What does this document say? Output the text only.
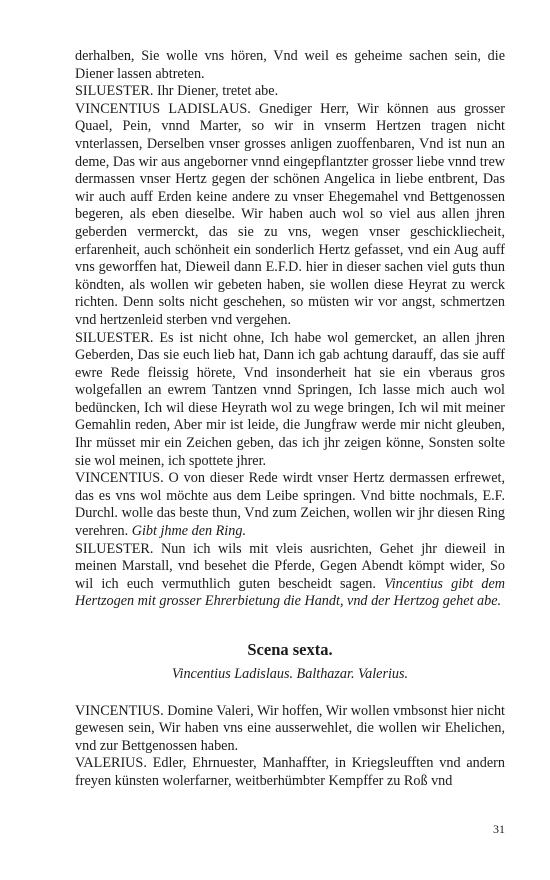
derhalben, Sie wolle vns hören, Vnd weil es geheime sachen sein, die Diener lassen abtreten.

SILUESTER. Ihr Diener, tretet abe.

VINCENTIUS LADISLAUS. Gnediger Herr, Wir können aus grosser Quael, Pein, vnnd Marter, so wir in vnserm Hertzen tragen nicht vnterlassen, Derselben vnser grosses anligen zuoffenbaren, Vnd ist nun an deme, Das wir aus angeborner vnnd eingepflantzter grosser liebe vnnd trew dermassen vnser Hertz gegen der schönen Angelica in liebe entbrent, Das wir auch auff Erden keine andere zu vnser Ehegemahel vnd Bettgenossen begeren, als eben dieselbe. Wir haben auch wol so viel aus allen jhren geberden vermerckt, das sie zu vns, wegen vnser geschickliecheit, erfarenheit, auch schönheit ein sonderlich Hertz gefasset, vnd ein Aug auff vns geworffen hat, Dieweil dann E.F.D. hier in dieser sachen viel guts thun köndten, als wollen wir gebeten haben, sie wollen diese Heyrat zu werck richten. Denn solts nicht geschehen, so müsten wir vor angst, schmertzen vnd hertzenleid sterben vnd vergehen.

SILUESTER. Es ist nicht ohne, Ich habe wol gemercket, an allen jhren Geberden, Das sie euch lieb hat, Dann ich gab achtung darauff, das sie auff ewre Rede fleissig hörete, Vnd insonderheit hat sie ein vberaus gros wolgefallen an ewrem Tantzen vnnd Springen, Ich lasse mich auch wol bedüncken, Ich wil diese Heyrath wol zu wege bringen, Ich wil mit meiner Gemahlin reden, Aber mir ist leide, die Jungfraw werde mir nicht gleuben, Ihr müsset mir ein Zeichen geben, das ich jhr zeigen könne, Sonsten solte sie wol meinen, ich spottete jhrer.

VINCENTIUS. O von dieser Rede wirdt vnser Hertz dermassen erfrewet, das es vns wol möchte aus dem Leibe springen. Vnd bitte nochmals, E.F. Durchl. wolle das beste thun, Vnd zum Zeichen, wollen wir jhr diesen Ring verehren. Gibt jhme den Ring.

SILUESTER. Nun ich wils mit vleis ausrichten, Gehet jhr dieweil in meinen Marstall, vnd besehet die Pferde, Gegen Abendt kömpt wider, So wil ich euch vermuthlich guten bescheidt sagen. Vincentius gibt dem Hertzogen mit grosser Ehrerbietung die Handt, vnd der Hertzog gehet abe.

Scena sexta.
Vincentius Ladislaus. Balthazar. Valerius.

VINCENTIUS. Domine Valeri, Wir hoffen, Wir wollen vmbsonst hier nicht gewesen sein, Wir haben vns eine ausserwehlet, die wollen wir Ehelichen, vnd zur Bettgenossen haben.

VALERIUS. Edler, Ehrnuester, Manhaffter, in Kriegsleufften vnd andern freyen künsten wolerfarner, weitberhümbter Kempffer zu Roß vnd

31
